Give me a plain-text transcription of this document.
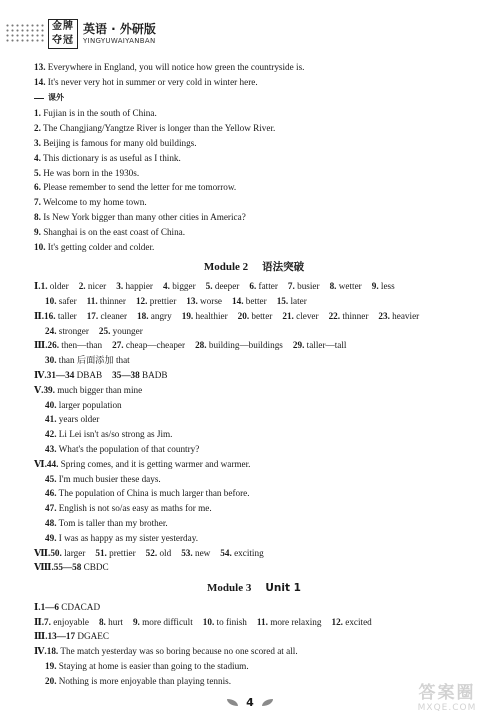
金牌
夺冠
英语 · 外研版
YINGYUWAIYANBAN
13. Everywhere in England, you will notice how green the countryside is.
14. It's never very hot in summer or very cold in winter here.
课外
1. Fujian is in the south of China.
2. The Changjiang/Yangtze River is longer than the Yellow River.
3. Beijing is famous for many old buildings.
4. This dictionary is as useful as I think.
5. He was born in the 1930s.
6. Please remember to send the letter for me tomorrow.
7. Welcome to my home town.
8. Is New York bigger than many other cities in America?
9. Shanghai is on the east coast of China.
10. It's getting colder and colder.
Module 2 语法突破
Ⅰ.1. older 2. nicer 3. happier 4. bigger 5. deeper 6. fatter 7. busier 8. wetter 9. less
10. safer 11. thinner 12. prettier 13. worse 14. better 15. later
Ⅱ.16. taller 17. cleaner 18. angry 19. healthier 20. better 21. clever 22. thinner 23. heavier
24. stronger 25. younger
Ⅲ.26. then—than 27. cheap—cheaper 28. building—buildings 29. taller—tall
30. than 后面添加 that
Ⅳ.31—34 DBAB 35—38 BADB
Ⅴ.39. much bigger than mine
40. larger population
41. years older
42. Li Lei isn't as/so strong as Jim.
43. What's the population of that country?
Ⅵ.44. Spring comes, and it is getting warmer and warmer.
45. I'm much busier these days.
46. The population of China is much larger than before.
47. English is not so/as easy as maths for me.
48. Tom is taller than my brother.
49. I was as happy as my sister yesterday.
Ⅶ.50. larger 51. prettier 52. old 53. new 54. exciting
Ⅷ.55—58 CBDC
Module 3 Unit 1
Ⅰ.1—6 CDACAD
Ⅱ.7. enjoyable 8. hurt 9. more difficult 10. to finish 11. more relaxing 12. excited
Ⅲ.13—17 DGAEC
Ⅳ.18. The match yesterday was so boring because no one scored at all.
19. Staying at home is easier than going to the stadium.
20. Nothing is more enjoyable than playing tennis.
4	答案圈
MXQE.COM
